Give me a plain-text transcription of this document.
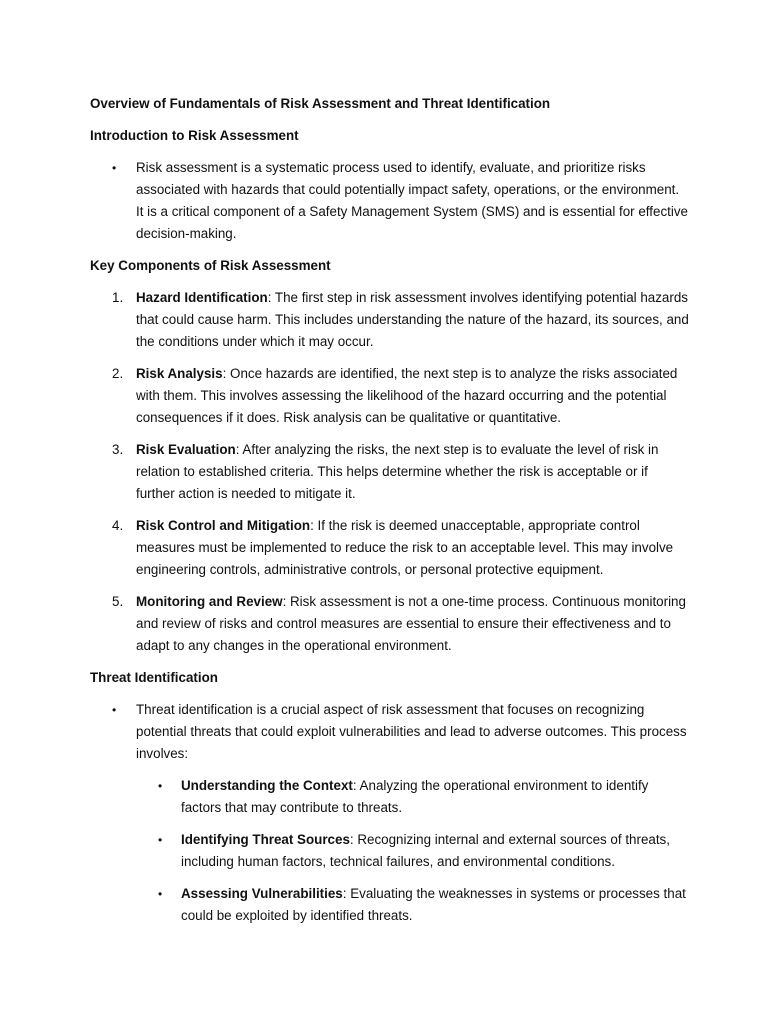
Overview of Fundamentals of Risk Assessment and Threat Identification

Introduction to Risk Assessment

• Risk assessment is a systematic process used to identify, evaluate, and prioritize risks associated with hazards that could potentially impact safety, operations, or the environment. It is a critical component of a Safety Management System (SMS) and is essential for effective decision-making.

Key Components of Risk Assessment

1. Hazard Identification: The first step in risk assessment involves identifying potential hazards that could cause harm. This includes understanding the nature of the hazard, its sources, and the conditions under which it may occur.
2. Risk Analysis: Once hazards are identified, the next step is to analyze the risks associated with them. This involves assessing the likelihood of the hazard occurring and the potential consequences if it does. Risk analysis can be qualitative or quantitative.
3. Risk Evaluation: After analyzing the risks, the next step is to evaluate the level of risk in relation to established criteria. This helps determine whether the risk is acceptable or if further action is needed to mitigate it.
4. Risk Control and Mitigation: If the risk is deemed unacceptable, appropriate control measures must be implemented to reduce the risk to an acceptable level. This may involve engineering controls, administrative controls, or personal protective equipment.
5. Monitoring and Review: Risk assessment is not a one-time process. Continuous monitoring and review of risks and control measures are essential to ensure their effectiveness and to adapt to any changes in the operational environment.

Threat Identification

• Threat identification is a crucial aspect of risk assessment that focuses on recognizing potential threats that could exploit vulnerabilities and lead to adverse outcomes. This process involves:
• Understanding the Context: Analyzing the operational environment to identify factors that may contribute to threats.
• Identifying Threat Sources: Recognizing internal and external sources of threats, including human factors, technical failures, and environmental conditions.
• Assessing Vulnerabilities: Evaluating the weaknesses in systems or processes that could be exploited by identified threats.
